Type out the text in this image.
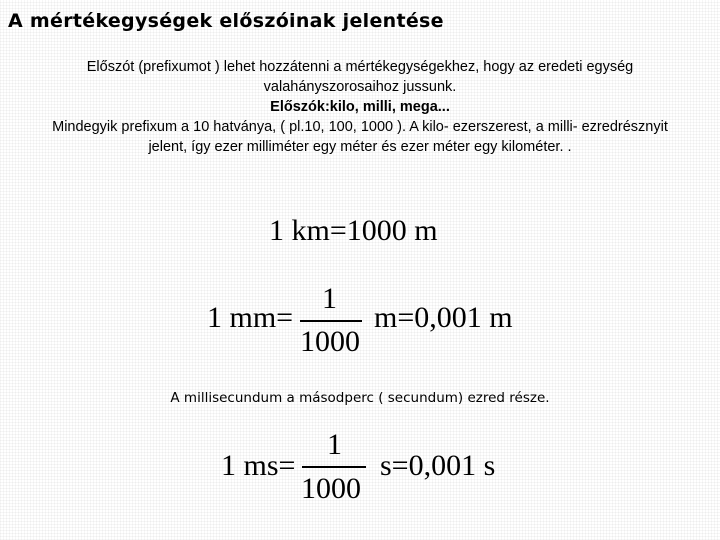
A mértékegységek előszóinak jelentése
Előszót (prefixumot ) lehet hozzátenni a mértékegységekhez, hogy az eredeti egység
valahányszorosaihoz jussunk.
Előszók:kilo, milli, mega...
Mindegyik prefixum a 10 hatványa, ( pl.10, 100, 1000 ). A kilo- ezerszerest, a milli- ezredrésznyit
jelent, így ezer milliméter egy méter és ezer méter egy kilométer. .
1 km=1000 m
1 mm=
1
1000
m=0,001 m
A millisecundum a másodperc ( secundum) ezred része.
1 ms=
1
1000
s=0,001 s
